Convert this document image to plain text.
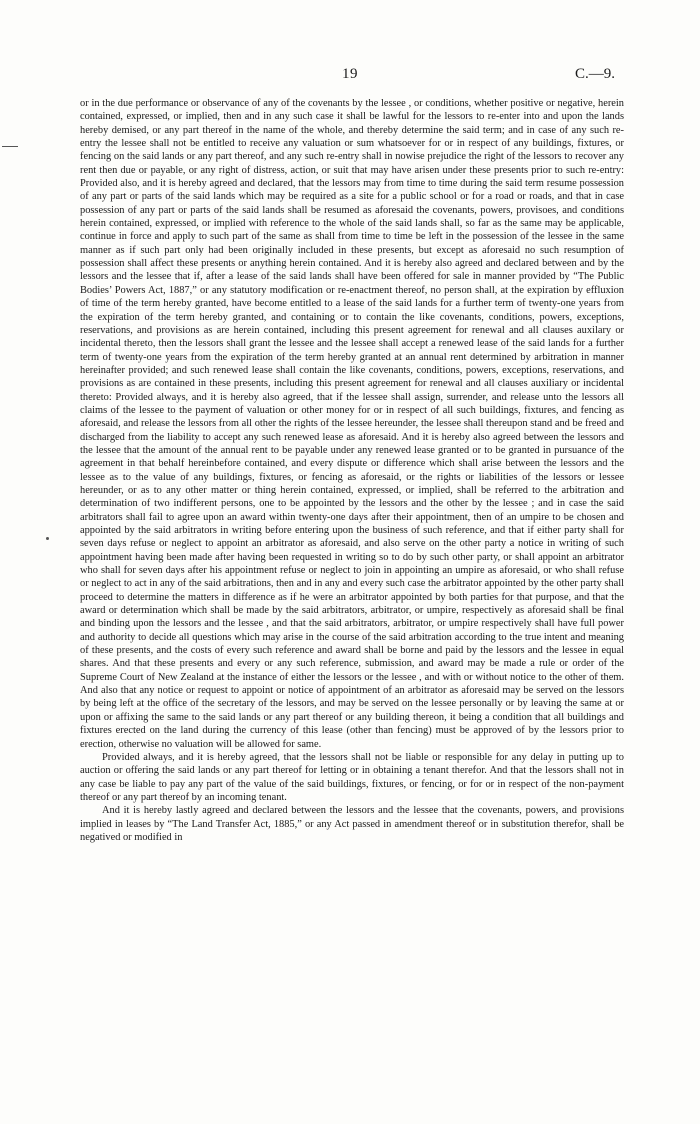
19	C.—9.

or in the due performance or observance of any of the covenants by the lessee , or conditions, whether positive or negative, herein contained, expressed, or implied, then and in any such case it shall be lawful for the lessors to re-enter into and upon the lands hereby demised, or any part thereof in the name of the whole, and thereby determine the said term; and in case of any such re-entry the lessee shall not be entitled to receive any valuation or sum whatsoever for or in respect of any buildings, fixtures, or fencing on the said lands or any part thereof, and any such re-entry shall in nowise prejudice the right of the lessors to recover any rent then due or payable, or any right of distress, action, or suit that may have arisen under these presents prior to such re-entry: Provided also, and it is hereby agreed and declared, that the lessors may from time to time during the said term resume possession of any part or parts of the said lands which may be required as a site for a public school or for a road or roads, and that in case possession of any part or parts of the said lands shall be resumed as aforesaid the covenants, powers, provisoes, and conditions herein contained, expressed, or implied with reference to the whole of the said lands shall, so far as the same may be applicable, continue in force and apply to such part of the same as shall from time to time be left in the possession of the lessee in the same manner as if such part only had been originally included in these presents, but except as aforesaid no such resumption of possession shall affect these presents or anything herein contained. And it is hereby also agreed and declared between and by the lessors and the lessee that if, after a lease of the said lands shall have been offered for sale in manner provided by “The Public Bodies’ Powers Act, 1887,” or any statutory modification or re-enactment thereof, no person shall, at the expiration by effluxion of time of the term hereby granted, have become entitled to a lease of the said lands for a further term of twenty-one years from the expiration of the term hereby granted, and containing or to contain the like covenants, conditions, powers, exceptions, reservations, and provisions as are herein contained, including this present agreement for renewal and all clauses auxilary or incidental thereto, then the lessors shall grant the lessee and the lessee shall accept a renewed lease of the said lands for a further term of twenty-one years from the expiration of the term hereby granted at an annual rent determined by arbitration in manner hereinafter provided; and such renewed lease shall contain the like covenants, conditions, powers, exceptions, reservations, and provisions as are contained in these presents, including this present agreement for renewal and all clauses auxiliary or incidental thereto: Provided always, and it is hereby also agreed, that if the lessee shall assign, surrender, and release unto the lessors all claims of the lessee to the payment of valuation or other money for or in respect of all such buildings, fixtures, and fencing as aforesaid, and release the lessors from all other the rights of the lessee hereunder, the lessee shall thereupon stand and be freed and discharged from the liability to accept any such renewed lease as aforesaid. And it is hereby also agreed between the lessors and the lessee that the amount of the annual rent to be payable under any renewed lease granted or to be granted in pursuance of the agreement in that behalf hereinbefore contained, and every dispute or difference which shall arise between the lessors and the lessee as to the value of any buildings, fixtures, or fencing as aforesaid, or the rights or liabilities of the lessors or lessee hereunder, or as to any other matter or thing herein contained, expressed, or implied, shall be referred to the arbitration and determination of two indifferent persons, one to be appointed by the lessors and the other by the lessee ; and in case the said arbitrators shall fail to agree upon an award within twenty-one days after their appointment, then of an umpire to be chosen and appointed by the said arbitrators in writing before entering upon the business of such reference, and that if either party shall for seven days refuse or neglect to appoint an arbitrator as aforesaid, and also serve on the other party a notice in writing of such appointment having been made after having been requested in writing so to do by such other party, or shall appoint an arbitrator who shall for seven days after his appointment refuse or neglect to join in appointing an umpire as aforesaid, or who shall refuse or neglect to act in any of the said arbitrations, then and in any and every such case the arbitrator appointed by the other party shall proceed to determine the matters in difference as if he were an arbitrator appointed by both parties for that purpose, and that the award or determination which shall be made by the said arbitrators, arbitrator, or umpire, respectively as aforesaid shall be final and binding upon the lessors and the lessee , and that the said arbitrators, arbitrator, or umpire respectively shall have full power and authority to decide all questions which may arise in the course of the said arbitration according to the true intent and meaning of these presents, and the costs of every such reference and award shall be borne and paid by the lessors and the lessee in equal shares. And that these presents and every or any such reference, submission, and award may be made a rule or order of the Supreme Court of New Zealand at the instance of either the lessors or the lessee , and with or without notice to the other of them. And also that any notice or request to appoint or notice of appointment of an arbitrator as aforesaid may be served on the lessors by being left at the office of the secretary of the lessors, and may be served on the lessee personally or by leaving the same at or upon or affixing the same to the said lands or any part thereof or any building thereon, it being a condition that all buildings and fixtures erected on the land during the currency of this lease (other than fencing) must be approved of by the lessors prior to erection, otherwise no valuation will be allowed for same.

Provided always, and it is hereby agreed, that the lessors shall not be liable or responsible for any delay in putting up to auction or offering the said lands or any part thereof for letting or in obtaining a tenant therefor. And that the lessors shall not in any case be liable to pay any part of the value of the said buildings, fixtures, or fencing, or for or in respect of the non-payment thereof or any part thereof by an incoming tenant.

And it is hereby lastly agreed and declared between the lessors and the lessee that the covenants, powers, and provisions implied in leases by “The Land Transfer Act, 1885,” or any Act passed in amendment thereof or in substitution therefor, shall be negatived or modified in
